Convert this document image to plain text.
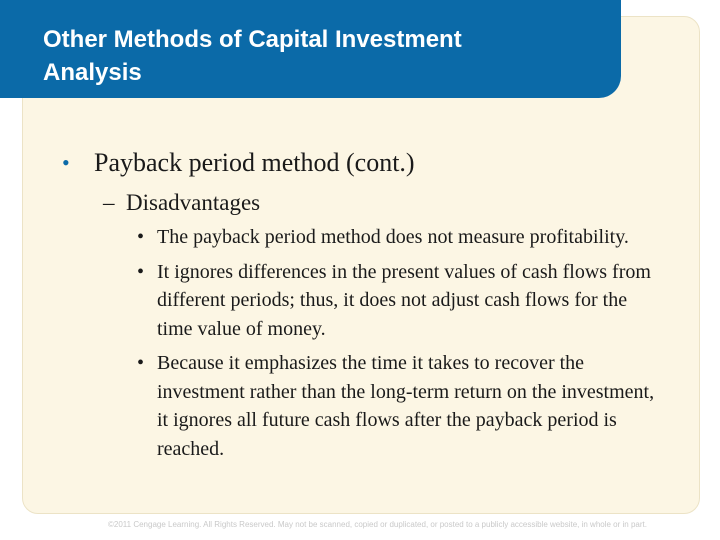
Other Methods of Capital Investment
Analysis
• Payback period method (cont.)
– Disadvantages
• The payback period method does not measure profitability.
• It ignores differences in the present values of cash flows from different periods; thus, it does not adjust cash flows for the time value of money.
• Because it emphasizes the time it takes to recover the investment rather than the long-term return on the investment, it ignores all future cash flows after the payback period is reached.
©2011 Cengage Learning. All Rights Reserved. May not be scanned, copied or duplicated, or posted to a publicly accessible website, in whole or in part.
